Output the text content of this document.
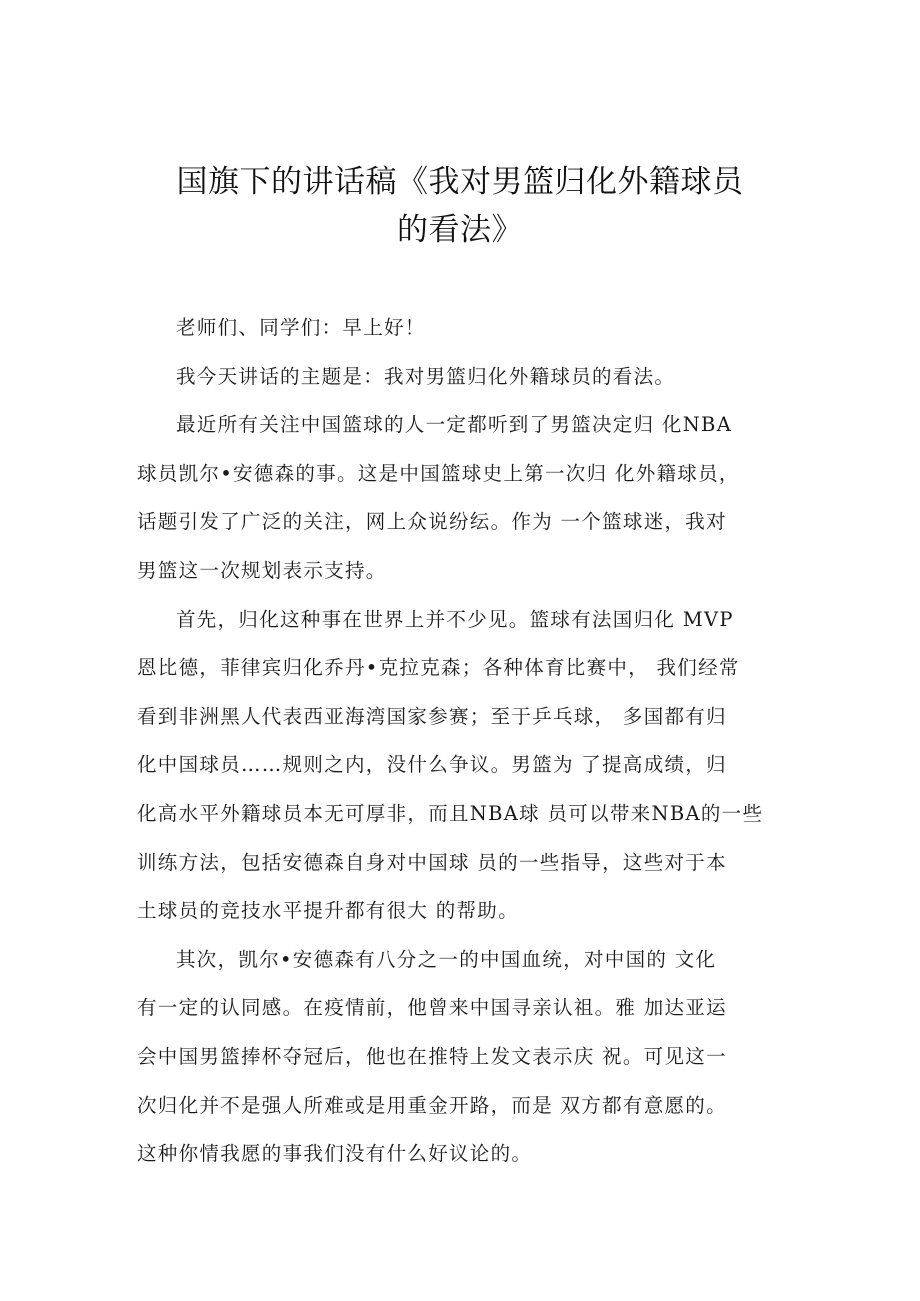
国旗下的讲话稿《我对男篮归化外籍球员
的看法》

老师们、同学们：早上好！

我今天讲话的主题是：我对男篮归化外籍球员的看法。

最近所有关注中国篮球的人一定都听到了男篮决定归 化NBA
球员凯尔•安德森的事。这是中国篮球史上第一次归 化外籍球员，
话题引发了广泛的关注，网上众说纷纭。作为 一个篮球迷，我对
男篮这一次规划表示支持。

首先，归化这种事在世界上并不少见。篮球有法国归化 MVP
恩比德，菲律宾归化乔丹•克拉克森；各种体育比赛中， 我们经常
看到非洲黑人代表西亚海湾国家参赛；至于乒乓球， 多国都有归
化中国球员……规则之内，没什么争议。男篮为 了提高成绩，归
化高水平外籍球员本无可厚非，而且NBA球 员可以带来NBA的一些
训练方法，包括安德森自身对中国球 员的一些指导，这些对于本
土球员的竞技水平提升都有很大 的帮助。

其次，凯尔•安德森有八分之一的中国血统，对中国的 文化
有一定的认同感。在疫情前，他曾来中国寻亲认祖。雅 加达亚运
会中国男篮捧杯夺冠后，他也在推特上发文表示庆 祝。可见这一
次归化并不是强人所难或是用重金开路，而是 双方都有意愿的。
这种你情我愿的事我们没有什么好议论的。
